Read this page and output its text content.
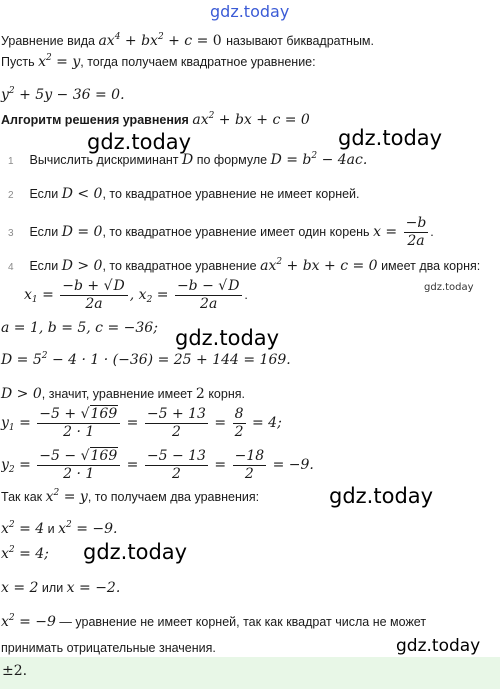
gdz.today
gdz.today	gdz.today
gdz.today
gdz.today
gdz.today
gdz.today
gdz.today
Уравнение вида $ax^4 + bx^2 + c = 0$ называют биквадратным.
Пусть $x^2 = y$, тогда получаем квадратное уравнение:
$y^2 + 5y - 36 = 0$.
Алгоритм решения уравнения $ax^2$ + bx + c = 0
1 Вычислить дискриминант D по формуле $D = b^2 - 4ac$.
2 Если D < 0, то квадратное уравнение не имеет корней.
3 Если D = 0, то квадратное уравнение имеет один корень $x = \frac{-b}{2a}$ .
4 Если D > 0, то квадратное уравнение $ax^2$ + bx + c = 0 имеет два корня:
$x_1 = \frac{-b + √D}{2a}$ , $x_2 = \frac{-b - √D}{2a}$ .
a = 1, b = 5, c = −36;
$D = 5^2 - 4 \cdot 1 \cdot (-36) = 25 + 144 = 169$.
D > 0, значит, уравнение имеет 2 корня.
$y_1 = \frac{-5 + √169}{2 \cdot 1} = \frac{-5 + 13}{2} = \frac{8}{2} = 4$;
$y_2 = \frac{-5 - √169}{2 \cdot 1} = \frac{-5 - 13}{2} = \frac{-18}{2} = -9$.
Так как $x^2 = y$, то получаем два уравнения:
$x^2 = 4$ и $x^2 = -9$.
$x^2 = 4$;
x = 2 или x = −2.
$x^2 = -9$ — уравнение не имеет корней, так как квадрат числа не может
принимать отрицательные значения.
±2.
